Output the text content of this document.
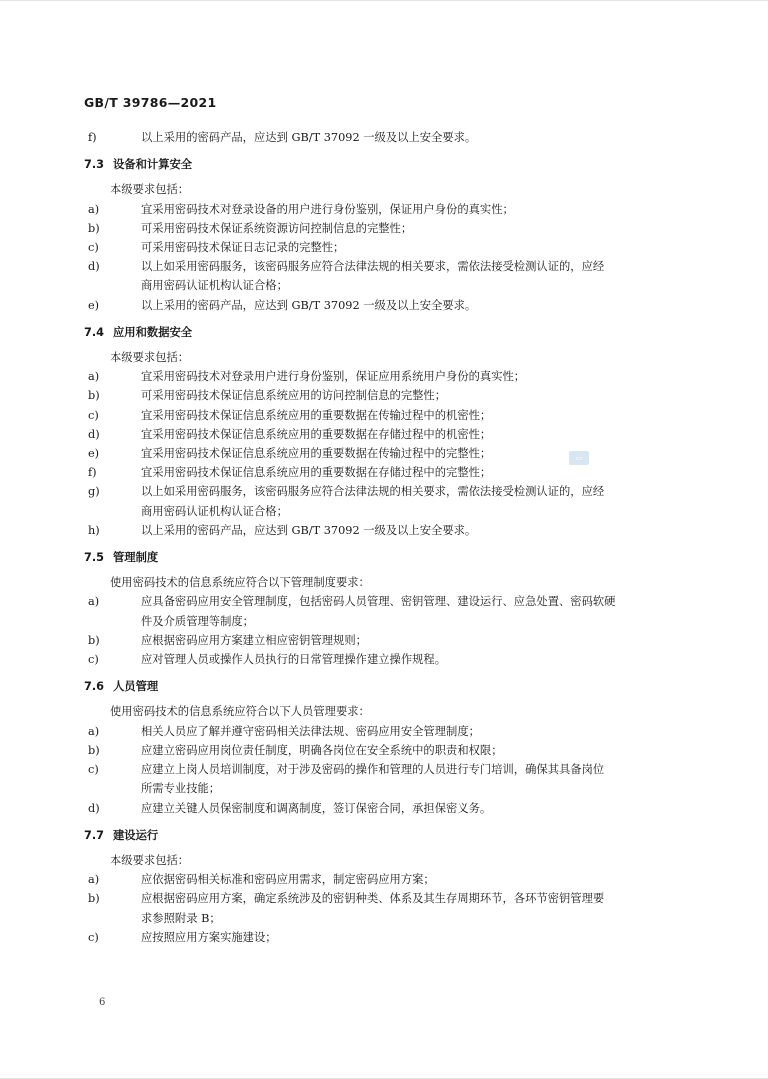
GB/T 39786—2021
f)	以上采用的密码产品，应达到 GB/T 37092 一级及以上安全要求。
7.3 设备和计算安全
本级要求包括：
a)	宜采用密码技术对登录设备的用户进行身份鉴别，保证用户身份的真实性；
b)	可采用密码技术保证系统资源访问控制信息的完整性；
c)	可采用密码技术保证日志记录的完整性；
d)	以上如采用密码服务，该密码服务应符合法律法规的相关要求，需依法接受检测认证的，应经
商用密码认证机构认证合格；
e)	以上采用的密码产品，应达到 GB/T 37092 一级及以上安全要求。
7.4 应用和数据安全
本级要求包括：
a)	宜采用密码技术对登录用户进行身份鉴别，保证应用系统用户身份的真实性；
b)	可采用密码技术保证信息系统应用的访问控制信息的完整性；
c)	宜采用密码技术保证信息系统应用的重要数据在传输过程中的机密性；
d)	宜采用密码技术保证信息系统应用的重要数据在存储过程中的机密性；
e)	宜采用密码技术保证信息系统应用的重要数据在传输过程中的完整性；
f)	宜采用密码技术保证信息系统应用的重要数据在存储过程中的完整性；
g)	以上如采用密码服务，该密码服务应符合法律法规的相关要求，需依法接受检测认证的，应经
商用密码认证机构认证合格；
h)	以上采用的密码产品，应达到 GB/T 37092 一级及以上安全要求。
7.5 管理制度
使用密码技术的信息系统应符合以下管理制度要求：
a)	应具备密码应用安全管理制度，包括密码人员管理、密钥管理、建设运行、应急处置、密码软硬
件及介质管理等制度；
b)	应根据密码应用方案建立相应密钥管理规则；
c)	应对管理人员或操作人员执行的日常管理操作建立操作规程。
7.6 人员管理
使用密码技术的信息系统应符合以下人员管理要求：
a)	相关人员应了解并遵守密码相关法律法规、密码应用安全管理制度；
b)	应建立密码应用岗位责任制度，明确各岗位在安全系统中的职责和权限；
c)	应建立上岗人员培训制度，对于涉及密码的操作和管理的人员进行专门培训，确保其具备岗位
所需专业技能；
d)	应建立关键人员保密制度和调离制度，签订保密合同，承担保密义务。
7.7 建设运行
本级要求包括：
a)	应依据密码相关标准和密码应用需求，制定密码应用方案；
b)	应根据密码应用方案，确定系统涉及的密钥种类、体系及其生存周期环节，各环节密钥管理要
求参照附录 B；
c)	应按照应用方案实施建设；
▭
6
